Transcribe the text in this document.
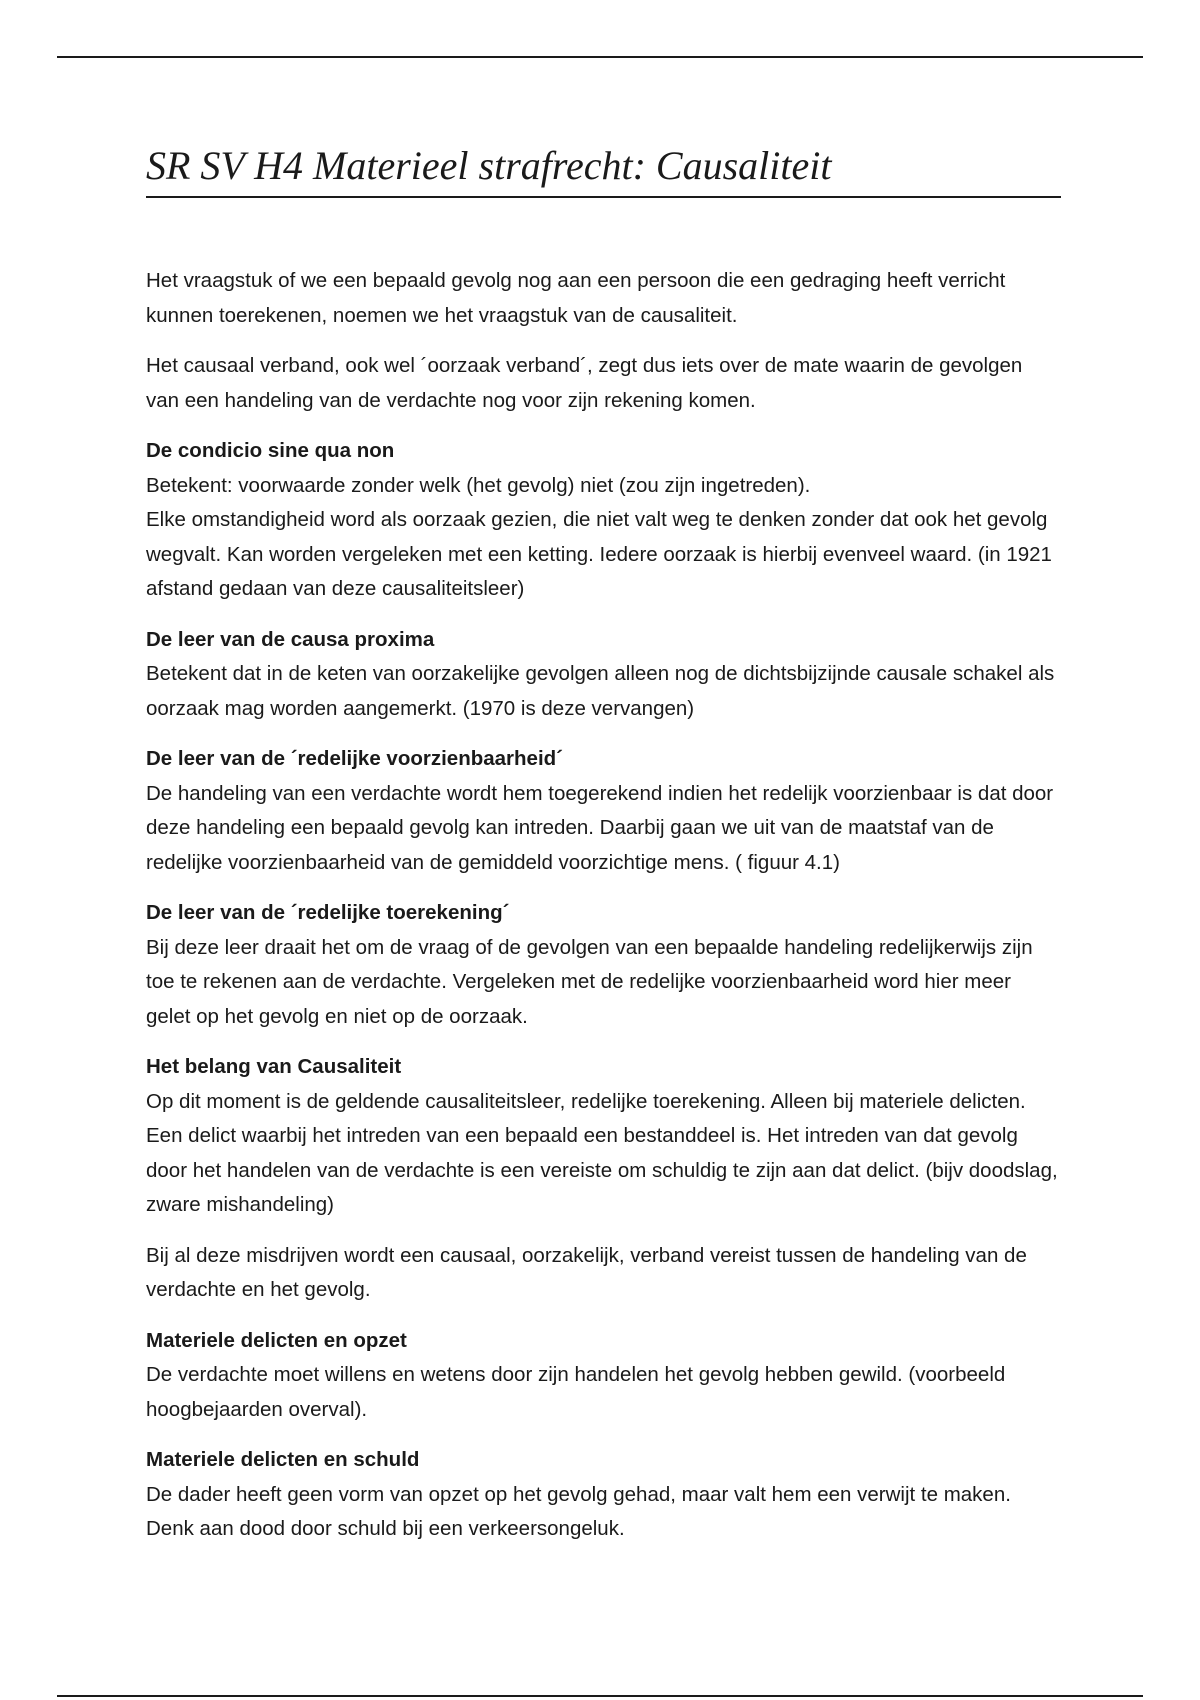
SR SV H4 Materieel strafrecht: Causaliteit

Het vraagstuk of we een bepaald gevolg nog aan een persoon die een gedraging heeft verricht kunnen toerekenen, noemen we het vraagstuk van de causaliteit.

Het causaal verband, ook wel ´oorzaak verband´, zegt dus iets over de mate waarin de gevolgen van een handeling van de verdachte nog voor zijn rekening komen.

De condicio sine qua non
Betekent: voorwaarde zonder welk (het gevolg) niet (zou zijn ingetreden).
Elke omstandigheid word als oorzaak gezien, die niet valt weg te denken zonder dat ook het gevolg wegvalt. Kan worden vergeleken met een ketting. Iedere oorzaak is hierbij evenveel waard. (in 1921 afstand gedaan van deze causaliteitsleer)
De leer van de causa proxima
Betekent dat in de keten van oorzakelijke gevolgen alleen nog de dichtsbijzijnde causale schakel als oorzaak mag worden aangemerkt. (1970 is deze vervangen)
De leer van de ´redelijke voorzienbaarheid´
De handeling van een verdachte wordt hem toegerekend indien het redelijk voorzienbaar is dat door deze handeling een bepaald gevolg kan intreden. Daarbij gaan we uit van de maatstaf van de redelijke voorzienbaarheid van de gemiddeld voorzichtige mens. ( figuur 4.1)
De leer van de ´redelijke toerekening´
Bij deze leer draait het om de vraag of de gevolgen van een bepaalde handeling redelijkerwijs zijn toe te rekenen aan de verdachte. Vergeleken met de redelijke voorzienbaarheid word hier meer gelet op het gevolg en niet op de oorzaak.
Het belang van Causaliteit
Op dit moment is de geldende causaliteitsleer, redelijke toerekening. Alleen bij materiele delicten. Een delict waarbij het intreden van een bepaald een bestanddeel is. Het intreden van dat gevolg door het handelen van de verdachte is een vereiste om schuldig te zijn aan dat delict. (bijv doodslag, zware mishandeling)

Bij al deze misdrijven wordt een causaal, oorzakelijk, verband vereist tussen de handeling van de verdachte en het gevolg.

Materiele delicten en opzet
De verdachte moet willens en wetens door zijn handelen het gevolg hebben gewild. (voorbeeld hoogbejaarden overval).
Materiele delicten en schuld
De dader heeft geen vorm van opzet op het gevolg gehad, maar valt hem een verwijt te maken. Denk aan dood door schuld bij een verkeersongeluk.
